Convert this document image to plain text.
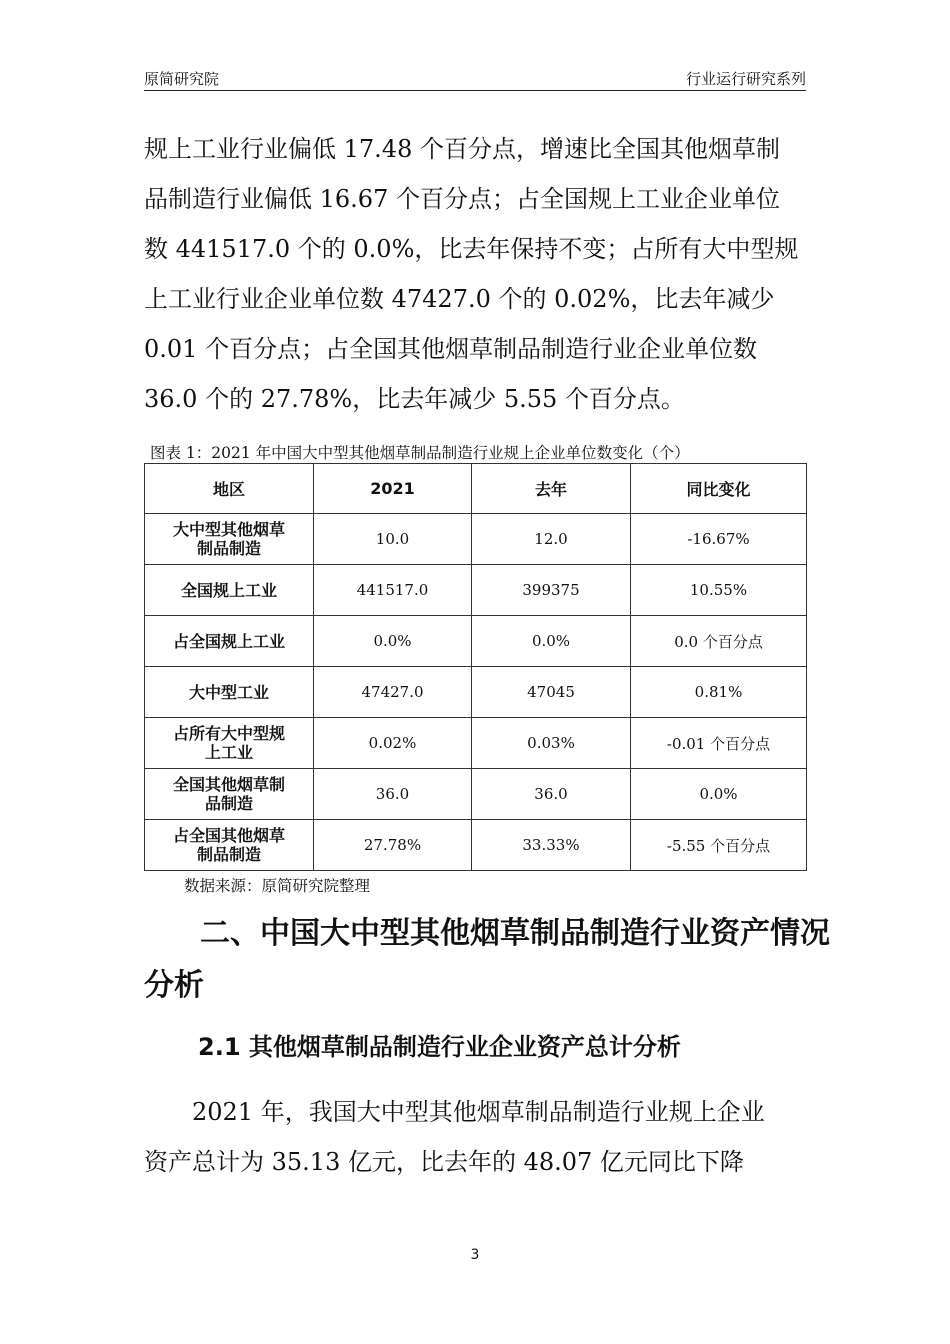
原简研究院	行业运行研究系列

规上工业行业偏低 17.48 个百分点，增速比全国其他烟草制
品制造行业偏低 16.67 个百分点；占全国规上工业企业单位
数 441517.0 个的 0.0%，比去年保持不变；占所有大中型规
上工业行业企业单位数 47427.0 个的 0.02%，比去年减少
0.01 个百分点；占全国其他烟草制品制造行业企业单位数
36.0 个的 27.78%，比去年减少 5.55 个百分点。

图表 1：2021 年中国大中型其他烟草制品制造行业规上企业单位数变化（个）
地区	2021	去年	同比变化
大中型其他烟草
制品制造	10.0	12.0	-16.67%
全国规上工业	441517.0	399375	10.55%
占全国规上工业	0.0%	0.0%	0.0 个百分点
大中型工业	47427.0	47045	0.81%
占所有大中型规
上工业	0.02%	0.03%	-0.01 个百分点
全国其他烟草制
品制造	36.0	36.0	0.0%
占全国其他烟草
制品制造	27.78%	33.33%	-5.55 个百分点
数据来源：原简研究院整理
二、中国大中型其他烟草制品制造行业资产情况
分析
2.1 其他烟草制品制造行业企业资产总计分析

2021 年，我国大中型其他烟草制品制造行业规上企业
资产总计为 35.13 亿元，比去年的 48.07 亿元同比下降

3
